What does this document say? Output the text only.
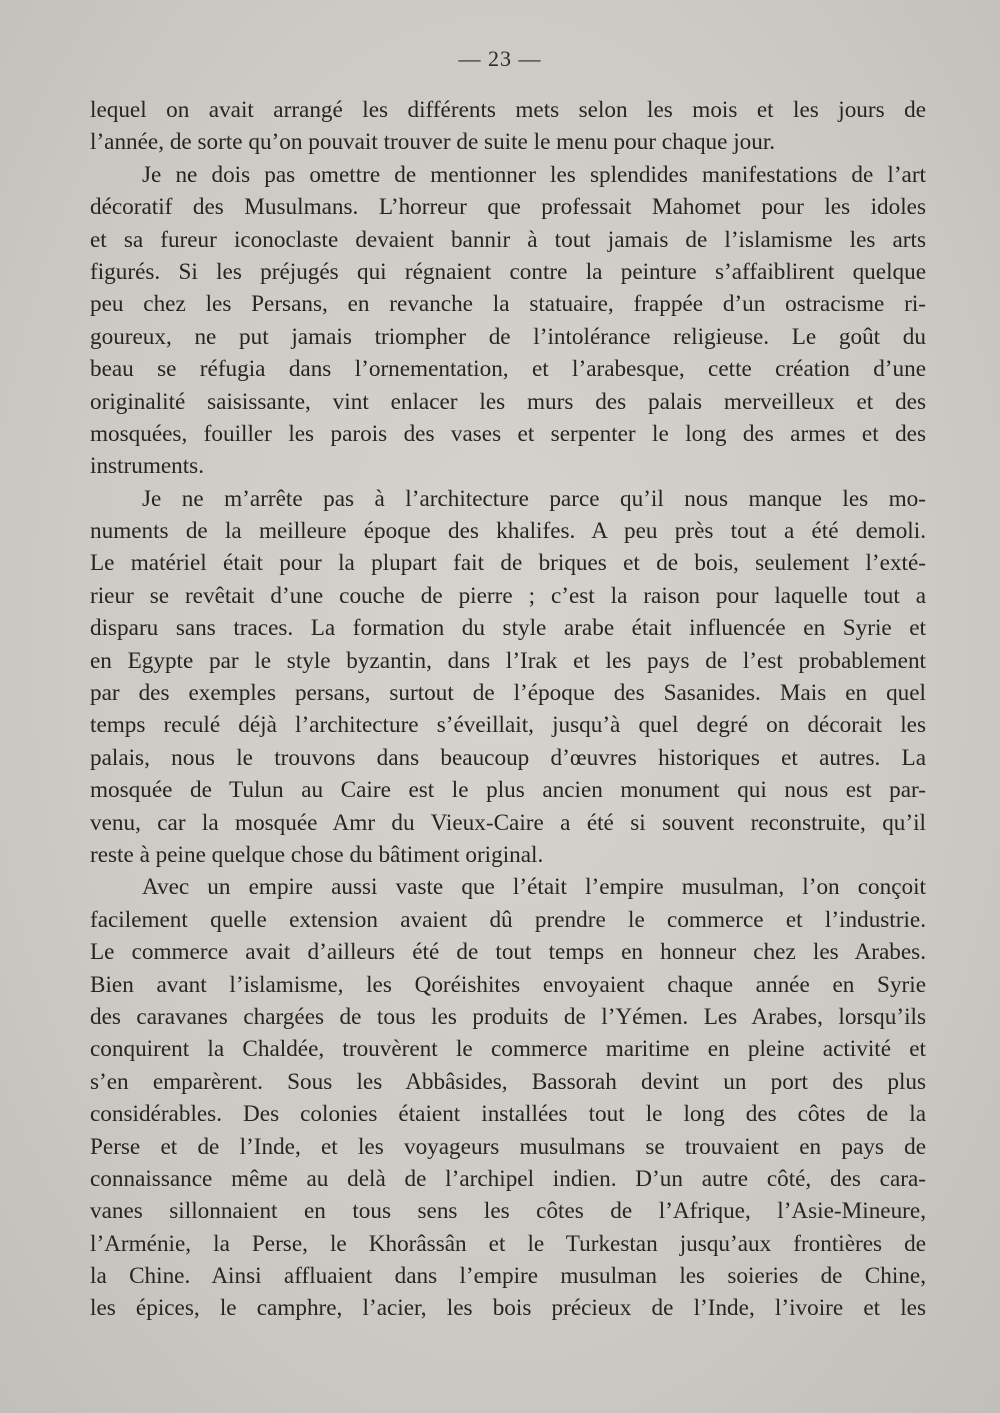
— 23 —
lequel on avait arrangé les différents mets selon les mois et les jours de
l’année, de sorte qu’on pouvait trouver de suite le menu pour chaque jour.
Je ne dois pas omettre de mentionner les splendides manifestations de l’art
décoratif des Musulmans. L’horreur que professait Mahomet pour les idoles
et sa fureur iconoclaste devaient bannir à tout jamais de l’islamisme les arts
figurés. Si les préjugés qui régnaient contre la peinture s’affaiblirent quelque
peu chez les Persans, en revanche la statuaire, frappée d’un ostracisme ri-
goureux, ne put jamais triompher de l’intolérance religieuse. Le goût du
beau se réfugia dans l’ornementation, et l’arabesque, cette création d’une
originalité saisissante, vint enlacer les murs des palais merveilleux et des
mosquées, fouiller les parois des vases et serpenter le long des armes et des
instruments.
Je ne m’arrête pas à l’architecture parce qu’il nous manque les mo-
numents de la meilleure époque des khalifes. A peu près tout a été demoli.
Le matériel était pour la plupart fait de briques et de bois, seulement l’exté-
rieur se revêtait d’une couche de pierre ; c’est la raison pour laquelle tout a
disparu sans traces. La formation du style arabe était influencée en Syrie et
en Egypte par le style byzantin, dans l’Irak et les pays de l’est probablement
par des exemples persans, surtout de l’époque des Sasanides. Mais en quel
temps reculé déjà l’architecture s’éveillait, jusqu’à quel degré on décorait les
palais, nous le trouvons dans beaucoup d’œuvres historiques et autres. La
mosquée de Tulun au Caire est le plus ancien monument qui nous est par-
venu, car la mosquée Amr du Vieux-Caire a été si souvent reconstruite, qu’il
reste à peine quelque chose du bâtiment original.
Avec un empire aussi vaste que l’était l’empire musulman, l’on conçoit
facilement quelle extension avaient dû prendre le commerce et l’industrie.
Le commerce avait d’ailleurs été de tout temps en honneur chez les Arabes.
Bien avant l’islamisme, les Qoréishites envoyaient chaque année en Syrie
des caravanes chargées de tous les produits de l’Yémen. Les Arabes, lorsqu’ils
conquirent la Chaldée, trouvèrent le commerce maritime en pleine activité et
s’en emparèrent. Sous les Abbâsides, Bassorah devint un port des plus
considérables. Des colonies étaient installées tout le long des côtes de la
Perse et de l’Inde, et les voyageurs musulmans se trouvaient en pays de
connaissance même au delà de l’archipel indien. D’un autre côté, des cara-
vanes sillonnaient en tous sens les côtes de l’Afrique, l’Asie-Mineure,
l’Arménie, la Perse, le Khorâssân et le Turkestan jusqu’aux frontières de
la Chine. Ainsi affluaient dans l’empire musulman les soieries de Chine,
les épices, le camphre, l’acier, les bois précieux de l’Inde, l’ivoire et les
